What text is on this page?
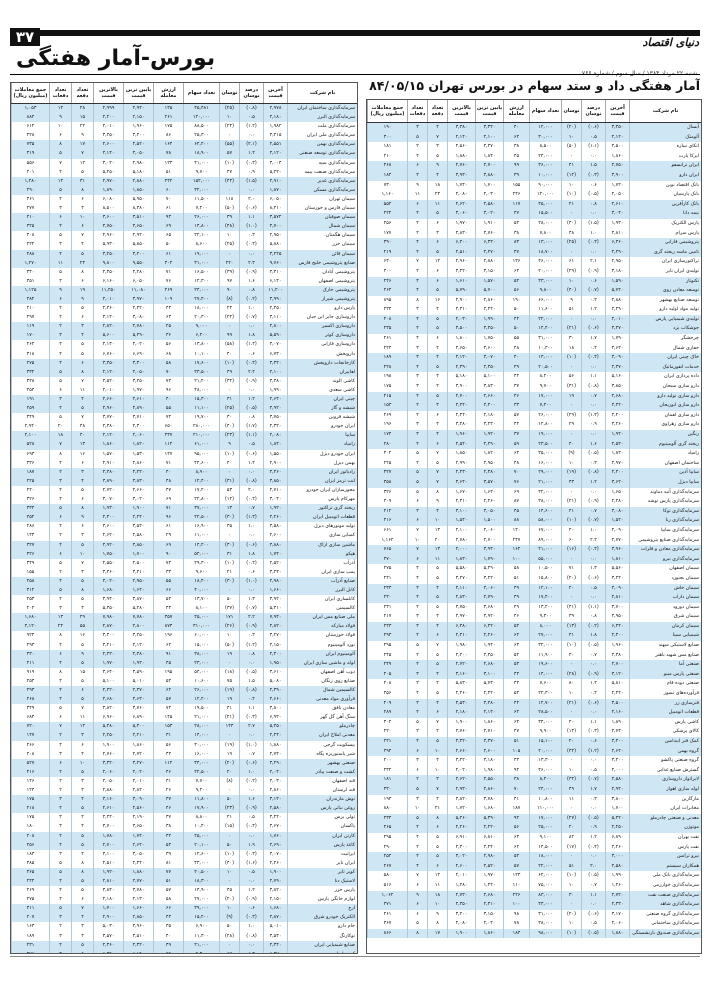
۳۷	دنیای اقتصاد
بورس-آمار هفتگی
آمار هفتگی داد و ستد سهام در بورس تهران ۸۴/۰۵/۱۵
نام شرکت
آخرین قیمت
درصد نوسان
نوسان
تعداد سهام
ارزش معامله
پایین ترین قیمت
بالاترین قیمت
تعداد دفعه
تعداد دفعات
جمع معاملات (میلیون ریال)
سرمایه‌گذاری ساختمان ایران
۲,۹۷۸
(۰.۸)
(۲۵)
۴۵,۴۸۱
۱۳۵
۲,۹۴۰
۲,۹۹۹
۲۸
۱۲
۱,۰۵۳
سرمایه‌گذاری البرز
۲,۱۸۰
۰.۵
۱۰
۱۲۰,۰۰۰
۲۶۱
۲,۱۵۰
۲,۲۰۰
۱۵
۹
۸۸۴
سرمایه‌گذاری ملت
۱,۹۸۲
(۱.۲)
(۲۴)
۸۸,۵۰۰
۱۷۵
۱,۹۶۰
۲,۰۱۰
۲۲
۱۰
۶۱۲
سرمایه‌گذاری ملی ایران
۳,۴۱۵
۰.۰
۰
۲۵,۳۰۰
۸۶
۳,۴۰۰
۳,۴۵۰
۹
۶
۴۲۸
سرمایه‌گذاری بهمن
۲,۵۵۱
(۲.۱)
(۵۵)
۶۴,۲۰۰
۱۶۴
۲,۵۲۰
۲,۶۰۰
۱۷
۸
۷۳۵
سرمایه‌گذاری توسعه صنعتی
۴,۱۲۰
۱.۴
۵۷
۱۸,۹۰۰
۷۸
۴,۰۵۰
۴,۱۴۰
۷
۵
۳۱۹
سرمایه‌گذاری سپه
۳,۰۰۴
(۰.۳)
(۱۰)
۴۱,۰۰۰
۱۲۳
۲,۹۸۰
۳,۰۲۰
۱۲
۷
۵۵۶
سرمایه‌گذاری صنعت بیمه
۵,۲۲۰
۰.۹
۴۷
۹,۷۰۰
۵۱
۵,۱۸۰
۵,۲۵۰
۵
۴
۲۰۱
سرمایه‌گذاری غدیر
۲,۹۱۰
(۱.۵)
(۴۴)
۱۵۲,۰۰۰
۴۴۲
۲,۸۸۰
۲,۹۷۰
۳۱
۱۴
۱,۴۸۰
سرمایه‌گذاری مسکن
۱,۸۷۰
۰.۰
۰
۳۲,۰۰۰
۶۰
۱,۸۵۰
۱,۸۹۰
۸
۵
۲۹۰
سیمان تهران
۶,۰۵۰
۲.۰
۱۱۸
۱۱,۵۰۰
۷۰
۵,۹۵۰
۶,۰۸۰
۶
۴
۳۶۱
سیمان فارس و خوزستان
۸,۴۱۰
(۰.۶)
(۵۰)
۷,۲۰۰
۶۱
۸,۳۸۰
۸,۵۰۰
۴
۳
۲۷۷
سیمان صوفیان
۳,۵۷۲
۱.۱
۳۹
۲۶,۰۰۰
۹۳
۳,۵۱۰
۳,۶۰۰
۱۰
۶
۴۱۰
سیمان شمال
۴,۷۰۰
(۱.۰)
(۴۸)
۱۴,۸۰۰
۶۹
۴,۶۵۰
۴,۷۵۰
۶
۴
۳۲۵
سیمان هگمتان
۲,۹۵۰
۰.۳
۱۰
۲۲,۱۰۰
۶۵
۲,۹۲۰
۲,۹۶۰
۷
۵
۳۰۸
سیمان خزر
۵,۸۸۰
(۰.۴)
(۲۵)
۸,۶۰۰
۵۰
۵,۸۵۰
۵,۹۳۰
۴
۳
۲۲۲
سیمان قائن
۳,۲۲۵
۰.۰
۰
۱۹,۰۰۰
۶۱
۳,۲۰۰
۳,۲۵۰
۵
۴
۲۸۸
صنایع پتروشیمی خلیج فارس
۹,۷۶۰
۲.۳
۲۲۰
۳۱,۰۰۰
۳۰۲
۹,۵۵۰
۹,۸۰۰
۲۴
۱۱
۱,۲۷۰
پتروشیمی آبادان
۴,۳۱۰
(۰.۹)
(۳۹)
۱۶,۵۰۰
۷۱
۴,۲۸۰
۴,۳۵۰
۸
۵
۳۴۰
پتروشیمی اصفهان
۶,۱۴۰
۱.۶
۹۷
۱۲,۳۰۰
۷۶
۶,۰۵۰
۶,۱۶۰
۶
۴
۳۵۱
پتروشیمی خارک
۱۱,۲۰۰
۰.۸
۹۰
۲۴,۰۰۰
۲۶۹
۱۱,۰۸۰
۱۱,۲۵۰
۱۹
۹
۱,۱۲۵
پتروشیمی شیراز
۳,۹۹۰
(۰.۲)
(۸)
۲۷,۴۰۰
۱۰۹
۳,۹۷۰
۴,۰۱۰
۹
۶
۴۸۲
پارس دارو
۲,۴۵۰
۱.۰
۲۴
۱۸,۰۰۰
۴۴
۲,۴۲۰
۲,۴۶۰
۵
۴
۲۱۰
داروسازی جابر ابن حیان
۳,۱۱۰
(۰.۷)
(۲۲)
۲۰,۳۰۰
۶۳
۳,۰۸۰
۳,۱۴۰
۶
۴
۲۹۷
داروسازی اکسیر
۲,۸۰۰
۰.۰
۰
۹,۰۰۰
۲۵
۲,۷۸۰
۲,۸۲۰
۳
۲
۱۱۹
داروسازی کوثر
۵,۵۹۰
۱.۸
۹۹
۶,۴۰۰
۳۶
۵,۴۹۰
۵,۶۰۰
۴
۳
۱۷۰
داروسازی فارابی
۴,۰۷۰
(۱.۴)
(۵۸)
۱۳,۸۰۰
۵۶
۴,۰۲۰
۴,۱۳۰
۵
۴
۲۶۴
داروپخش
۶,۷۳۰
۰.۶
۴۰
۱۰,۱۰۰
۶۸
۶,۶۹۰
۶,۷۶۰
۵
۴
۳۱۸
کارخانجات داروپخش
۳,۳۲۰
(۰.۳)
(۱۰)
۱۷,۶۰۰
۵۸
۳,۳۰۰
۳,۳۵۰
۶
۴
۲۷۵
لعابیران
۲,۱۰۰
۲.۴
۴۹
۳۳,۵۰۰
۷۰
۲,۰۵۰
۲,۱۲۰
۸
۵
۳۳۲
کاشی الوند
۳,۴۸۰
(۰.۹)
(۳۲)
۲۱,۲۰۰
۷۴
۳,۴۵۰
۳,۵۲۰
۷
۵
۳۴۸
کاشی سعدی
۱,۹۹۰
۰.۰
۰
۴۸,۰۰۰
۹۶
۱,۹۷۰
۲,۰۱۰
۱۱
۶
۴۵۴
چینی ایران
۲,۶۴۰
۱.۲
۳۱
۱۵,۳۰۰
۴۰
۲,۶۱۰
۲,۶۶۰
۴
۳
۱۹۱
شیشه و گاز
۴,۹۲۰
(۰.۵)
(۲۵)
۱۱,۱۰۰
۵۵
۴,۸۹۰
۴,۹۶۰
۵
۴
۲۵۹
شیشه قزوین
۳,۷۵۰
۰.۸
۳۰
۱۹,۷۰۰
۷۴
۳,۷۱۰
۳,۷۷۰
۷
۵
۳۴۹
ایران خودرو
۲,۳۲۰
(۱.۷)
(۴۰)
۲۸۰,۰۰۰
۶۵۰
۲,۳۰۰
۲,۳۸۰
۴۸
۲۰
۲,۹۴۰
سایپا
۲,۰۸۰
(۱.۱)
(۲۳)
۲۱۰,۰۰۰
۴۳۷
۲,۰۶۰
۲,۱۲۰
۴۰
۱۸
۲,۱۰۰
زامیاد
۱,۸۴۰
۰.۵
۹
۶۱,۰۰۰
۱۱۲
۱,۸۲۰
۱,۸۶۰
۱۳
۷
۵۲۸
ایران خودرو دیزل
۱,۵۵۰
(۰.۶)
(۱۰)
۹۵,۰۰۰
۱۴۷
۱,۵۳۰
۱,۵۷۰
۱۶
۸
۶۹۳
بهمن دیزل
۲,۹۰۰
۱.۴
۴۰
۲۴,۶۰۰
۷۱
۲,۸۶۰
۲,۹۱۰
۶
۴
۳۳۶
رادیاتور ایران
۴,۴۶۰
۰.۰
۰
۸,۹۰۰
۴۰
۴,۴۴۰
۴,۴۸۰
۳
۲
۱۸۷
لنت ترمز ایران
۳,۸۵۰
(۰.۸)
(۳۱)
۱۲,۴۰۰
۴۸
۳,۸۳۰
۳,۸۹۰
۴
۳
۲۲۵
محورسازان ایران خودرو
۲,۷۱۰
۲.۰
۵۳
۱۷,۲۰۰
۴۷
۲,۶۶۰
۲,۷۲۰
۵
۴
۲۲۰
مهرکام پارس
۳,۰۴۰
(۰.۴)
(۱۲)
۲۲,۸۰۰
۶۹
۳,۰۲۰
۳,۰۷۰
۶
۴
۳۲۶
ریخته گری تراکتور
۱,۹۲۰
۰.۷
۱۳
۳۷,۰۰۰
۷۱
۱,۹۰۰
۱,۹۳۰
۸
۵
۳۳۴
قطعات اتومبیل ایران
۲,۲۶۰
(۱.۳)
(۳۰)
۴۲,۵۰۰
۹۶
۲,۲۴۰
۲,۳۰۰
۹
۶
۴۵۲
تولید موتورهای دیزل
۳,۵۸۰
۱.۰
۳۵
۱۶,۹۰۰
۶۱
۳,۵۴۰
۳,۶۰۰
۶
۴
۲۸۶
کمباین سازی
۲,۶۰۰
۰.۰
۰
۱۱,۰۰۰
۲۹
۲,۵۸۰
۲,۶۲۰
۳
۲
۱۳۴
ماشین سازی اراک
۴,۸۸۰
(۰.۶)
(۳۰)
۱۴,۲۰۰
۶۹
۴,۸۵۰
۴,۹۲۰
۵
۴
۳۲۷
هپکو
۱,۷۴۰
۱.۸
۳۱
۵۲,۰۰۰
۹۰
۱,۷۰۰
۱,۷۵۰
۱۰
۶
۴۲۶
آذرآب
۲,۵۲۰
(۰.۴)
(۱۰)
۲۹,۳۰۰
۷۴
۲,۵۰۰
۲,۵۵۰
۷
۵
۳۴۹
پمپ سازی ایران
۳,۴۴۰
۰.۶
۲۱
۹,۶۰۰
۳۳
۳,۴۱۰
۳,۴۶۰
۳
۲
۱۵۵
صنایع آذرآب
۲,۹۸۰
(۱.۰)
(۳۰)
۱۸,۴۰۰
۵۵
۲,۹۵۰
۳,۰۲۰
۵
۴
۲۵۸
کابل البرز
۱,۶۶۰
۰.۰
۰
۴۰,۰۰۰
۶۶
۱,۶۴۰
۱,۶۸۰
۸
۵
۳۱۲
کابلسازی ایران
۳,۹۲۰
۱.۳
۵۰
۱۳,۷۰۰
۵۴
۳,۸۷۰
۳,۹۴۰
۵
۴
۲۵۳
کالسیمین
۵,۳۱۰
(۰.۷)
(۳۷)
۸,۱۰۰
۴۳
۵,۲۸۰
۵,۳۵۰
۴
۳
۲۰۲
ملی صنایع مس ایران
۷,۹۴۰
۲.۲
۱۷۱
۴۵,۰۰۰
۳۵۷
۷,۷۸۰
۷,۹۸۰
۲۹
۱۳
۱,۶۸۰
فولاد مبارکه
۲,۸۲۰
(۰.۹)
(۲۶)
۳۱۰,۰۰۰
۸۷۴
۲,۸۰۰
۲,۸۷۰
۵۵
۲۲
۴,۱۲۰
فولاد خوزستان
۳,۲۷۰
۰.۳
۱۰
۶۰,۰۰۰
۱۹۶
۳,۲۵۰
۳,۳۰۰
۱۶
۸
۹۲۴
نورد آلومینیوم
۴,۱۵۰
(۱.۲)
(۵۰)
۱۵,۰۰۰
۶۲
۴,۱۲۰
۴,۲۱۰
۵
۴
۲۹۳
آلومینیوم ایران
۲,۴۰۰
۰.۸
۱۹
۳۸,۰۰۰
۹۱
۲,۳۸۰
۲,۴۳۰
۹
۶
۴۳۰
لوله و ماشین سازی ایران
۱,۹۵۰
۰.۰
۰
۲۳,۰۰۰
۴۵
۱,۹۳۰
۱,۹۷۰
۵
۴
۲۱۱
ذوب آهن اصفهان
۳,۶۱۰
(۰.۵)
(۱۸)
۵۴,۰۰۰
۱۹۵
۳,۵۹۰
۳,۶۴۰
۱۵
۸
۹۱۹
صنایع روی زنگان
۵,۰۸۰
۱.۵
۷۵
۱۰,۶۰۰
۵۴
۵,۰۱۰
۵,۱۰۰
۵
۴
۲۵۴
کالسیمین شمال
۲,۳۹۰
(۰.۸)
(۱۹)
۲۶,۰۰۰
۶۲
۲,۳۷۰
۲,۴۲۰
۶
۴
۲۹۳
فرآوری مواد معدنی
۴,۶۶۰
۰.۴
۱۹
۱۲,۲۰۰
۵۷
۴,۶۳۰
۴,۶۸۰
۵
۴
۲۶۸
معادن بافق
۳,۸۰۰
۱.۱
۴۱
۱۹,۵۰۰
۷۴
۳,۷۶۰
۳,۸۲۰
۷
۵
۳۴۹
سنگ آهن گل گهر
۶,۹۲۰
(۰.۳)
(۲۱)
۲۱,۰۰۰
۱۴۵
۶,۸۹۰
۶,۹۶۰
۱۱
۶
۶۸۴
چادرملو
۵,۴۵۰
۲.۷
۱۴۳
۲۸,۰۰۰
۱۵۳
۵,۳۰۰
۵,۴۸۰
۱۲
۷
۷۲۰
معدنی املاح ایران
۲,۲۳۰
۰.۰
۰
۱۴,۰۰۰
۳۱
۲,۲۱۰
۲,۲۵۰
۳
۲
۱۴۷
بیسکویت گرجی
۱,۸۸۰
(۱.۰)
(۱۹)
۳۰,۰۰۰
۵۶
۱,۸۶۰
۱,۹۰۰
۶
۴
۲۶۶
شیر پاستوریزه پگاه
۲,۷۴۰
۰.۷
۱۹
۱۶,۰۰۰
۴۴
۲,۷۲۰
۲,۷۶۰
۴
۳
۲۰۸
صنعتی بهشهر
۳,۲۹۰
(۰.۶)
(۲۰)
۳۴,۰۰۰
۱۱۲
۳,۲۷۰
۳,۳۲۰
۱۰
۶
۵۲۷
کشت و صنعت پیاذر
۲,۰۴۰
۱.۰
۲۰
۲۲,۵۰۰
۴۶
۲,۰۲۰
۲,۰۶۰
۵
۴
۲۱۶
قند اصفهان
۴,۰۳۰
(۰.۲)
(۸)
۷,۷۰۰
۳۱
۴,۰۱۰
۴,۰۵۰
۳
۲
۱۴۶
قند لرستان
۲,۸۶۰
۰.۰
۰
۹,۲۰۰
۲۶
۲,۸۴۰
۲,۸۸۰
۳
۲
۱۲۴
نوش مازندران
۳,۱۴۰
۱.۶
۵۰
۱۱,۸۰۰
۳۷
۳,۰۹۰
۳,۱۶۰
۴
۳
۱۷۵
روغن نباتی پارس
۲,۵۸۰
(۰.۹)
(۲۳)
۱۷,۹۰۰
۴۶
۲,۵۶۰
۲,۶۱۰
۵
۴
۲۱۸
تولی پرس
۴,۲۲۰
۰.۵
۲۱
۸,۸۰۰
۳۷
۴,۱۹۰
۴,۲۴۰
۴
۳
۱۷۵
پاکسان
۳,۶۷۰
(۰.۴)
(۱۵)
۱۰,۴۰۰
۳۸
۳,۶۵۰
۳,۷۰۰
۴
۳
۱۸۰
کارتن ایران
۱,۷۶۰
۰.۰
۰
۲۵,۰۰۰
۴۴
۱,۷۴۰
۱,۷۸۰
۵
۴
۲۰۸
کاغذ پارس
۲,۶۹۰
۱.۹
۵۰
۲۰,۱۰۰
۵۴
۲,۶۴۰
۲,۷۰۰
۵
۴
۲۵۶
ایرانیت
۳,۰۷۰
(۰.۳)
(۱۰)
۱۲,۶۰۰
۳۹
۳,۰۵۰
۳,۱۰۰
۴
۳
۱۸۳
ایران تایر
۲,۴۶۰
(۱.۶)
(۴۰)
۳۳,۰۰۰
۸۱
۲,۴۴۰
۲,۵۱۰
۸
۵
۳۸۵
کویر تایر
۱,۹۰۰
۰.۵
۱۰
۴۰,۵۰۰
۷۷
۱,۸۸۰
۱,۹۲۰
۸
۵
۳۶۵
لاستیک دنا
۲,۷۹۰
۰.۰
۰
۱۸,۳۰۰
۵۱
۲,۷۷۰
۲,۸۱۰
۵
۴
۲۴۲
پارس خزر
۳,۸۲۰
۱.۲
۴۵
۱۴,۹۰۰
۵۷
۳,۷۸۰
۳,۸۴۰
۵
۴
۲۶۹
لوازم خانگی پارس
۲,۱۵۰
(۰.۹)
(۲۰)
۲۷,۰۰۰
۵۸
۲,۱۳۰
۲,۱۸۰
۶
۴
۲۷۵
ارج
۱,۶۸۰
۰.۶
۱۰
۳۹,۰۰۰
۶۶
۱,۶۶۰
۱,۷۰۰
۷
۵
۳۱۱
الکتریک خودرو شرق
۲,۸۷۰
(۰.۳)
(۹)
۱۵,۲۰۰
۴۴
۲,۸۵۰
۲,۹۰۰
۴
۳
۲۰۷
جام دارو
۵,۰۱۰
۱.۰
۵۰
۶,۹۰۰
۳۵
۴,۹۶۰
۵,۰۳۰
۳
۲
۱۶۳
توکارنگ
۳,۵۳۰
(۰.۸)
(۲۸)
۱۱,۳۰۰
۴۰
۳,۵۱۰
۳,۵۷۰
۴
۳
۱۸۹
صنایع شیمیایی ایران
۲,۳۴۰
۰.۰
۰
۲۱,۰۰۰
۴۹
۲,۳۲۰
۲,۳۶۰
۵
۴
۲۳۱
نام شرکت
آخرین قیمت
درصد نوسان
نوسان
تعداد سهام
ارزش معامله
پایین ترین قیمت
بالاترین قیمت
تعداد دفعه
تعداد دفعات
جمع معاملات (میلیون ریال)
آبسال
۳,۳۵۰
(۰.۶)
(۲۰)
۱۲,۰۰۰
۴۰
۳,۳۲۰
۳,۳۸۰
۴
۳
۱۹۰
آلومتک
۲,۱۲۰
۰.۵
۱۰
۳۰,۰۰۰
۶۴
۲,۱۰۰
۲,۱۴۰
۷
۵
۳۰۰
اتکای سازه
۴,۵۰۰
(۱.۱)
(۵۰)
۸,۵۰۰
۳۸
۴,۴۷۰
۴,۵۶۰
۳
۲
۱۸۱
ایرکا پارت
۱,۸۶۰
۰.۰
۰
۲۴,۰۰۰
۴۵
۱,۸۴۰
۱,۸۸۰
۵
۴
۲۱۰
ایران ترانسفو
۲,۷۵۰
۱.۵
۴۱
۳۶,۰۰۰
۹۹
۲,۷۰۰
۲,۷۶۰
۹
۶
۴۶۸
ایران دارو
۳,۹۰۰
(۰.۳)
(۱۲)
۱۰,۰۰۰
۳۹
۳,۸۸۰
۳,۹۳۰
۴
۳
۱۸۴
بانک اقتصاد نوین
۱,۷۲۰
۰.۶
۱۰
۹۰,۰۰۰
۱۵۵
۱,۷۰۰
۱,۷۴۰
۱۸
۹
۷۳۰
بانک پارسیان
۲,۰۵۰
(۰.۵)
(۱۰)
۱۲۰,۰۰۰
۲۴۶
۲,۰۳۰
۲,۰۸۰
۲۴
۱۱
۱,۱۶۰
بانک کارآفرین
۲,۶۱۰
۰.۸
۲۱
۴۵,۰۰۰
۱۱۷
۲,۵۸۰
۲,۶۲۰
۱۱
۶
۵۵۲
بیمه دانا
۳,۰۴۰
۰.۰
۰
۱۵,۵۰۰
۴۷
۳,۰۲۰
۳,۰۶۰
۵
۴
۲۲۲
پارس الکتریک
۱,۹۳۰
(۱.۵)
(۳۰)
۲۸,۰۰۰
۵۴
۱,۹۱۰
۱,۹۷۰
۶
۴
۲۵۶
پارس سرام
۴,۸۱۰
۱.۰
۴۸
۷,۸۰۰
۳۸
۴,۷۶۰
۴,۸۳۰
۳
۲
۱۷۷
پتروشیمی فارابی
۶,۳۶۰
(۰.۴)
(۲۵)
۱۳,۰۰۰
۸۳
۶,۳۳۰
۶,۴۰۰
۶
۴
۳۹۰
تامین ماسه ریخته گری
۲,۴۹۰
۰.۰
۰
۱۸,۷۰۰
۴۷
۲,۴۷۰
۲,۵۱۰
۵
۴
۲۱۹
تراکتورسازی ایران
۲,۹۵۰
۲.۱
۶۱
۴۶,۰۰۰
۱۳۶
۲,۸۸۰
۲,۹۶۰
۱۲
۷
۶۴۰
تولیدی ایران تایر
۳,۱۸۰
(۰.۹)
(۲۹)
۲۰,۰۰۰
۶۴
۳,۱۵۰
۳,۲۲۰
۶
۴
۳۰۰
تکنوتار
۱,۵۹۰
۰.۶
۱۰
۳۳,۰۰۰
۵۲
۱,۵۷۰
۱,۶۱۰
۶
۴
۲۴۶
توسعه معادن روی
۵,۷۴۰
(۰.۷)
(۴۰)
۹,۸۰۰
۵۶
۵,۷۰۰
۵,۷۹۰
۵
۴
۲۶۴
توسعه صنایع بهشهر
۲,۸۸۰
۰.۳
۹
۶۶,۰۰۰
۱۹۰
۲,۸۶۰
۲,۹۰۰
۱۶
۸
۸۹۵
تولید مواد اولیه دارو
۴,۲۹۰
۱.۲
۵۱
۱۱,۶۰۰
۵۰
۴,۲۴۰
۴,۳۱۰
۴
۳
۲۳۴
تولیدی شیمیایی پارس
۲,۰۱۰
۰.۰
۰
۲۲,۰۰۰
۴۴
۱,۹۹۰
۲,۰۳۰
۵
۴
۲۰۸
جوشکاب یزد
۳,۴۷۰
(۰.۶)
(۲۱)
۱۴,۴۰۰
۵۰
۳,۴۵۰
۳,۵۰۰
۵
۴
۲۳۵
چرخشگر
۱,۷۹۰
۱.۷
۳۰
۳۱,۰۰۰
۵۵
۱,۷۵۰
۱,۸۰۰
۶
۴
۲۶۱
حفاری شمال
۴,۶۳۰
۰.۴
۱۸
۱۰,۳۰۰
۴۸
۴,۶۰۰
۴,۶۵۰
۴
۳
۲۲۴
خاک چینی ایران
۳,۰۹۰
(۰.۳)
(۱۰)
۱۳,۰۰۰
۴۰
۳,۰۷۰
۳,۱۲۰
۴
۳
۱۸۹
خدمات انفورماتیک
۲,۳۷۰
۰.۰
۰
۲۰,۵۰۰
۴۹
۲,۳۵۰
۲,۳۹۰
۵
۴
۲۲۸
داده پردازی ایران
۵,۱۶۰
۱.۱
۵۶
۸,۲۰۰
۴۲
۵,۱۰۰
۵,۱۸۰
۴
۳
۱۹۸
دارو سازی سبحان
۳,۸۵۰
(۰.۸)
(۳۱)
۹,۷۰۰
۳۷
۳,۸۳۰
۳,۹۰۰
۴
۳
۱۷۵
دارو سازی تولید دارو
۲,۶۸۰
۰.۷
۱۹
۱۷,۰۰۰
۴۶
۲,۶۶۰
۲,۷۰۰
۵
۴
۲۱۵
دارو سازی ابوریحان
۴,۴۲۰
۰.۰
۰
۷,۴۰۰
۳۳
۴,۴۰۰
۴,۴۴۰
۳
۲
۱۵۳
دارو سازی لقمان
۲,۲۰۰
(۱.۳)
(۲۹)
۲۶,۰۰۰
۵۷
۲,۱۸۰
۲,۲۴۰
۶
۴
۲۶۹
دارو سازی زهراوی
۳,۲۶۰
۰.۹
۲۹
۱۲,۸۰۰
۴۲
۳,۲۳۰
۳,۲۸۰
۴
۳
۱۹۶
رنگین
۱,۹۴۰
۰.۰
۰
۱۹,۰۰۰
۳۷
۱,۹۲۰
۱,۹۶۰
۴
۳
۱۷۴
ریخته گری آلومینیوم
۲,۵۳۰
۱.۶
۴۰
۲۳,۵۰۰
۵۹
۲,۴۹۰
۲,۵۴۰
۶
۴
۲۸۰
زامیاد
۱,۸۳۰
(۰.۵)
(۹)
۳۵,۰۰۰
۶۴
۱,۸۲۰
۱,۸۵۰
۷
۵
۳۰۲
ساختمان اصفهان
۲,۹۷۰
۰.۳
۱۰
۱۶,۰۰۰
۴۸
۲,۹۵۰
۲,۹۹۰
۵
۴
۲۲۵
سایپا آذین
۲,۴۰۰
(۰.۸)
(۱۹)
۲۹,۰۰۰
۷۰
۲,۳۸۰
۲,۴۳۰
۷
۵
۳۲۷
سایپا دیزل
۳,۶۲۰
۱.۲
۴۳
۲۱,۰۰۰
۷۶
۳,۵۷۰
۳,۶۴۰
۷
۵
۳۵۸
سرمایه‌گذاری آتیه دماوند
۱,۶۵۰
۰.۰
۰
۴۲,۰۰۰
۶۹
۱,۶۳۰
۱,۶۷۰
۸
۵
۳۲۶
سرمایه‌گذاری پارس توشه
۲,۲۸۰
(۰.۹)
(۲۱)
۳۸,۰۰۰
۸۷
۲,۲۶۰
۲,۳۱۰
۹
۶
۴۰۹
سرمایه‌گذاری توکا
۳,۰۸۰
۰.۷
۲۱
۱۴,۶۰۰
۴۵
۳,۰۵۰
۳,۱۰۰
۴
۳
۲۱۲
سرمایه‌گذاری رنا
۱,۵۲۰
(۰.۷)
(۱۰)
۵۸,۰۰۰
۸۸
۱,۵۰۰
۱,۵۴۰
۱۰
۶
۴۱۶
سرمایه‌گذاری سایپا
۲,۰۹۰
۱.۰
۲۰
۶۷,۰۰۰
۱۴۰
۲,۰۶۰
۲,۱۰۰
۱۴
۷
۶۶۱
سرمایه‌گذاری صنایع پتروشیمی
۲,۷۷۰
۲.۲
۶۰
۸۹,۰۰۰
۲۴۷
۲,۷۰۰
۲,۷۸۰
۲۰
۱۰
۱,۱۶۲
سرمایه‌گذاری معادن و فلزات
۳,۹۶۰
(۰.۴)
(۱۶)
۴۱,۰۰۰
۱۶۲
۳,۹۴۰
۴,۰۰۰
۱۳
۷
۷۶۵
سرمایه‌گذاری نیرو
۱,۸۱۰
۰.۰
۰
۵۵,۰۰۰
۱۰۰
۱,۷۹۰
۱,۸۳۰
۱۱
۶
۴۷۰
سیمان اصفهان
۵,۵۶۰
۱.۳
۷۱
۱۰,۵۰۰
۵۸
۵,۴۹۰
۵,۵۸۰
۵
۴
۲۷۵
سیمان بجنورد
۳,۲۴۰
(۰.۶)
(۲۰)
۱۵,۸۰۰
۵۱
۳,۲۲۰
۳,۲۷۰
۵
۴
۲۴۱
سیمان خاش
۴,۰۹۰
۰.۵
۲۰
۱۲,۱۰۰
۴۹
۴,۰۶۰
۴,۱۱۰
۴
۳
۲۳۳
سیمان داراب
۲,۸۱۰
۰.۰
۰
۱۷,۴۰۰
۴۹
۲,۷۹۰
۲,۸۳۰
۵
۴
۲۳۰
سیمان دورود
۳,۷۰۰
(۱.۱)
(۴۱)
۱۳,۲۰۰
۴۹
۳,۶۸۰
۳,۷۵۰
۵
۴
۲۳۱
سیمان شرق
۴,۹۵۰
۰.۸
۳۹
۹,۳۰۰
۴۶
۴,۹۲۰
۴,۹۷۰
۴
۳
۲۱۷
سیمان کرمان
۶,۴۴۰
(۰.۲)
(۱۳)
۸,۰۰۰
۵۲
۶,۴۲۰
۶,۴۸۰
۴
۳
۲۴۳
شیمیایی سینا
۲,۳۰۰
۱.۸
۴۱
۲۷,۰۰۰
۶۲
۲,۲۶۰
۲,۳۱۰
۶
۴
۲۹۳
صنایع لاستیکی سهند
۱,۹۶۰
(۰.۵)
(۱۰)
۳۲,۰۰۰
۶۳
۱,۹۴۰
۱,۹۸۰
۷
۵
۲۹۵
صنایع مس شهید باهنر
۴,۳۸۰
۰.۷
۳۰
۱۱,۹۰۰
۵۲
۴,۳۵۰
۴,۴۰۰
۵
۴
۲۴۵
صنعتی آما
۲,۷۰۰
۰.۰
۰
۱۹,۶۰۰
۵۳
۲,۶۸۰
۲,۷۲۰
۵
۴
۲۴۹
صنعتی پارس مینو
۳,۱۲۰
(۰.۹)
(۲۸)
۱۴,۰۰۰
۴۴
۳,۱۰۰
۳,۱۶۰
۴
۳
۲۰۵
صنعتی دوده فام
۵,۸۱۰
۱.۴
۸۰
۷,۶۰۰
۴۴
۵,۷۳۰
۵,۸۳۰
۴
۳
۲۰۸
فرآورده‌های نسوز
۲,۴۴۰
۰.۴
۱۰
۲۲,۳۰۰
۵۴
۲,۴۲۰
۲,۴۶۰
۵
۴
۲۵۶
فنرسازی زر
۳,۵۰۰
(۰.۶)
(۲۱)
۱۲,۷۰۰
۴۴
۳,۴۸۰
۳,۵۳۰
۴
۳
۲۰۹
قطعات اتومبیل
۲,۱۶۰
۰.۰
۰
۲۸,۵۰۰
۶۲
۲,۱۴۰
۲,۱۸۰
۶
۴
۲۸۹
کاشی پارس
۱,۸۹۰
۱.۱
۲۰
۳۴,۰۰۰
۶۴
۱,۸۶۰
۱,۹۰۰
۷
۵
۳۰۲
کالای پزشکی
۴,۷۳۰
(۰.۳)
(۱۴)
۹,۹۰۰
۴۷
۴,۷۱۰
۴,۷۶۰
۴
۳
۲۲۰
کمک فنر ایندامین
۳,۴۰۰
۰.۶
۲۰
۱۵,۱۰۰
۵۱
۳,۳۷۰
۳,۴۲۰
۵
۴
۲۴۱
گروه بهمن
۲,۶۲۰
(۱.۲)
(۳۲)
۴۰,۰۰۰
۱۰۵
۲,۶۰۰
۲,۶۶۰
۱۰
۶
۴۹۴
گروه صنعتی پاکشو
۳,۲۰۰
۰.۰
۰
۱۳,۳۰۰
۴۳
۳,۱۸۰
۳,۲۲۰
۴
۳
۲۰۰
گسترش صنایع غذایی
۲,۰۰۰
۰.۵
۱۰
۴۶,۰۰۰
۹۲
۱,۹۸۰
۲,۰۲۰
۱۰
۶
۴۳۲
لابراتوار داروسازی
۴,۵۸۰
(۰.۷)
(۳۲)
۸,۴۰۰
۳۸
۴,۵۵۰
۴,۶۲۰
۳
۲
۱۸۱
لوله سازی اهواز
۲,۹۲۰
۱.۷
۴۹
۲۴,۰۰۰
۷۰
۲,۸۶۰
۲,۹۳۰
۷
۵
۳۳۰
مارگارین
۳,۸۰۰
۰.۳
۱۱
۱۰,۸۰۰
۴۱
۳,۷۸۰
۳,۸۲۰
۴
۳
۱۹۳
مخابرات ایران
۱,۷۰۰
۰.۰
۰
۱۱۰,۰۰۰
۱۸۷
۱,۶۸۰
۱,۷۲۰
۲۱
۱۰
۸۸۰
معدنی و صنعتی چادرملو
۵,۴۲۰
(۰.۵)
(۲۷)
۱۷,۰۰۰
۹۲
۵,۳۹۰
۵,۴۶۰
۸
۵
۴۳۴
موتوژن
۲,۲۵۰
۰.۹
۲۰
۲۵,۰۰۰
۵۶
۲,۲۲۰
۲,۲۶۰
۶
۴
۲۶۵
نفت بهران
۶,۸۹۰
۱.۲
۸۲
۹,۱۰۰
۶۳
۶,۸۱۰
۶,۹۱۰
۵
۴
۲۹۵
نفت پارس
۴,۲۶۰
(۰.۴)
(۱۷)
۱۴,۵۰۰
۶۲
۴,۲۴۰
۴,۳۰۰
۵
۴
۲۹۰
نیرو ترانس
۳,۰۰۰
۰.۰
۰
۱۸,۰۰۰
۵۴
۲,۹۸۰
۳,۰۲۰
۵
۴
۲۵۴
همکاران سیستم
۲,۵۸۰
۲.۰
۵۱
۲۲,۰۰۰
۵۷
۲,۵۲۰
۲,۶۰۰
۶
۴
۲۶۷
سرمایه‌گذاری بانک ملی
۱,۹۹۰
(۰.۵)
(۱۰)
۶۲,۰۰۰
۱۲۳
۱,۹۷۰
۲,۰۱۰
۱۲
۷
۵۸۰
سرمایه‌گذاری خوارزمی
۱,۴۶۰
۰.۷
۱۰
۷۵,۰۰۰
۱۱۰
۱,۴۴۰
۱,۴۸۰
۱۱
۶
۵۱۶
سرمایه‌گذاری صنعت نفت
۲,۷۲۰
۱.۱
۳۰
۸۳,۰۰۰
۲۲۶
۲,۶۸۰
۲,۷۳۰
۱۸
۹
۱,۰۶۲
سرمایه‌گذاری شاهد
۲,۳۳۰
۰.۰
۰
۴۳,۰۰۰
۱۰۰
۲,۳۱۰
۲,۳۵۰
۱۰
۶
۴۷۱
سرمایه‌گذاری گروه صنعتی
۳,۱۷۰
(۰.۶)
(۲۰)
۳۱,۰۰۰
۹۸
۳,۱۵۰
۳,۲۰۰
۹
۶
۴۶۱
سرمایه‌گذاری ساختمانی
۲,۰۶۰
۰.۵
۱۰
۳۸,۰۰۰
۷۸
۲,۰۴۰
۲,۰۸۰
۸
۵
۳۶۷
سرمایه‌گذاری صندوق بازنشستگی
۱,۸۸۰
(۰.۵)
(۱۰)
۹۸,۰۰۰
۱۸۴
۱,۸۶۰
۱,۹۰۰
۱۷
۸
۸۶۶
